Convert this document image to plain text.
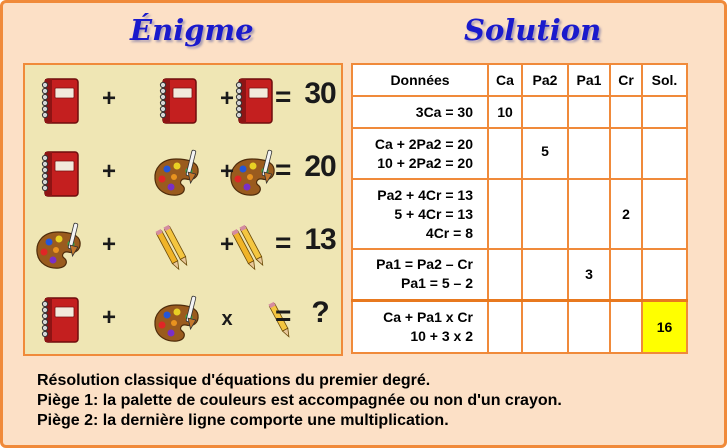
Énigme	Solution
+	+ = 30
+	+ = 20
+	+ = 13
+	x = ?
Données	Ca	Pa2	Pa1	Cr	Sol.

3Ca = 30	10				

Ca + 2Pa2 = 20
10 + 2Pa2 = 20		5			

Pa2 + 4Cr = 13
5 + 4Cr = 13
4Cr = 8				2	

Pa1 = Pa2 – Cr
Pa1 = 5 – 2			3		

Ca + Pa1 x Cr
10 + 3 x 2					16
Résolution classique d'équations du premier degré.
Piège 1: la palette de couleurs est accompagnée ou non d'un crayon.
Piège 2: la dernière ligne comporte une multiplication.
